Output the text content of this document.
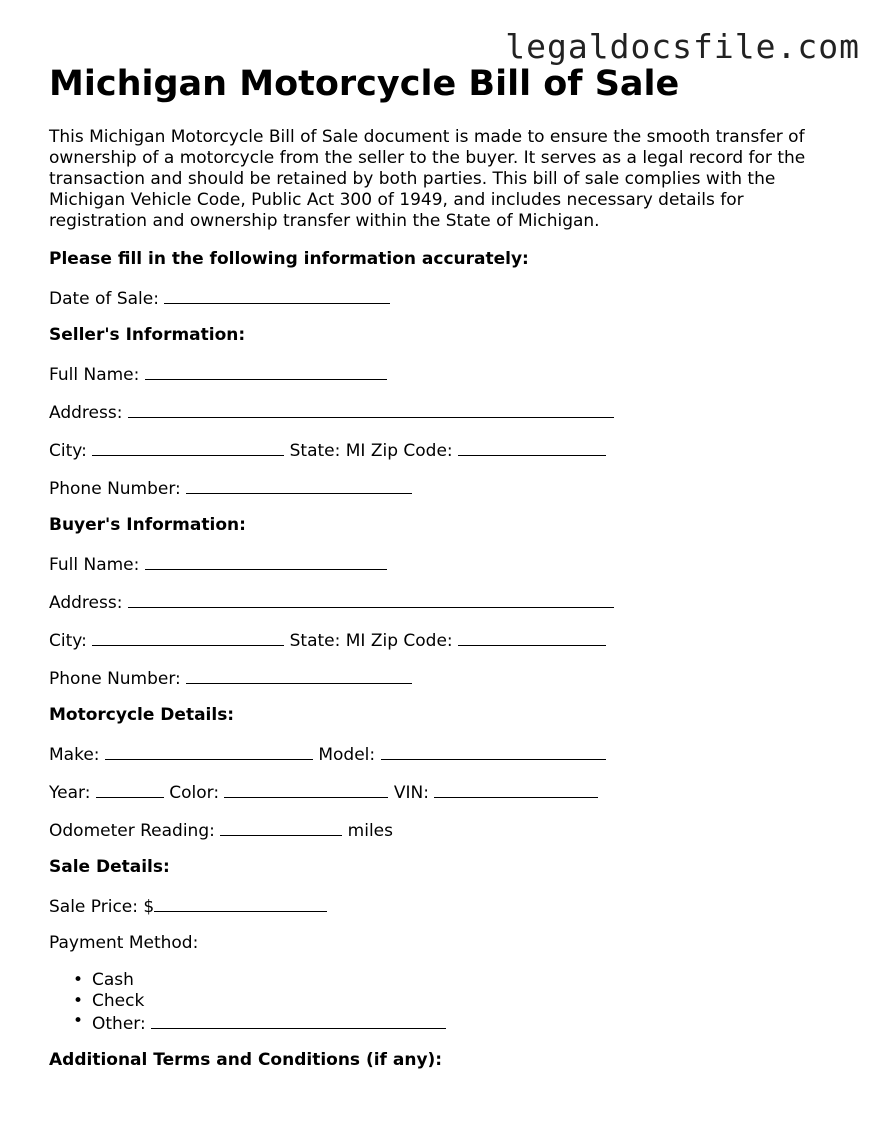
legaldocsfile.com
Michigan Motorcycle Bill of Sale

This Michigan Motorcycle Bill of Sale document is made to ensure the smooth transfer of ownership of a motorcycle from the seller to the buyer. It serves as a legal record for the transaction and should be retained by both parties. This bill of sale complies with the Michigan Vehicle Code, Public Act 300 of 1949, and includes necessary details for registration and ownership transfer within the State of Michigan.

Please fill in the following information accurately:
Date of Sale:
Seller's Information:
Full Name:
Address:
City:	State: MI Zip Code:
Phone Number:
Buyer's Information:
Full Name:
Address:
City:	State: MI Zip Code:
Phone Number:
Motorcycle Details:
Make:	Model:
Year:	Color:	VIN:
Odometer Reading:	miles
Sale Details:
Sale Price: $
Payment Method:
• Cash
• Check
• Other:
Additional Terms and Conditions (if any):
